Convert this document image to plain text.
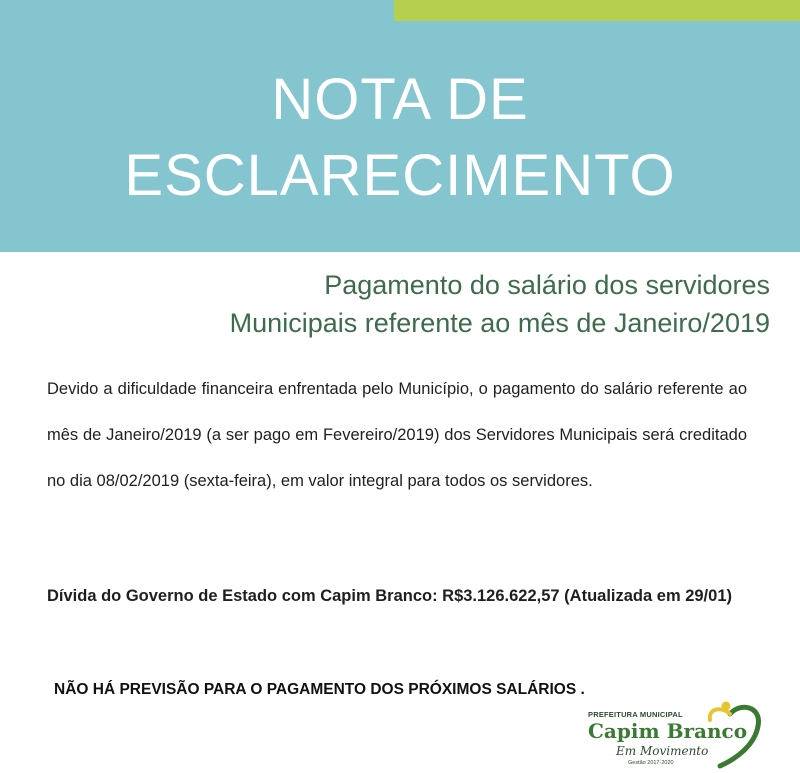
NOTA DE
ESCLARECIMENTO
Pagamento do salário dos servidores
Municipais referente ao mês de Janeiro/2019

Devido a dificuldade financeira enfrentada pelo Município, o pagamento do salário referente ao mês de Janeiro/2019 (a ser pago em Fevereiro/2019) dos Servidores Municipais será creditado no dia 08/02/2019 (sexta-feira), em valor integral para todos os servidores.

Dívida do Governo de Estado com Capim Branco: R$3.126.622,57 (Atualizada em 29/01)

NÃO HÁ PREVISÃO PARA O PAGAMENTO DOS PRÓXIMOS SALÁRIOS .

PREFEITURA MUNICIPAL
Capim Branco
Em Movimento
Gestão 2017-2020
